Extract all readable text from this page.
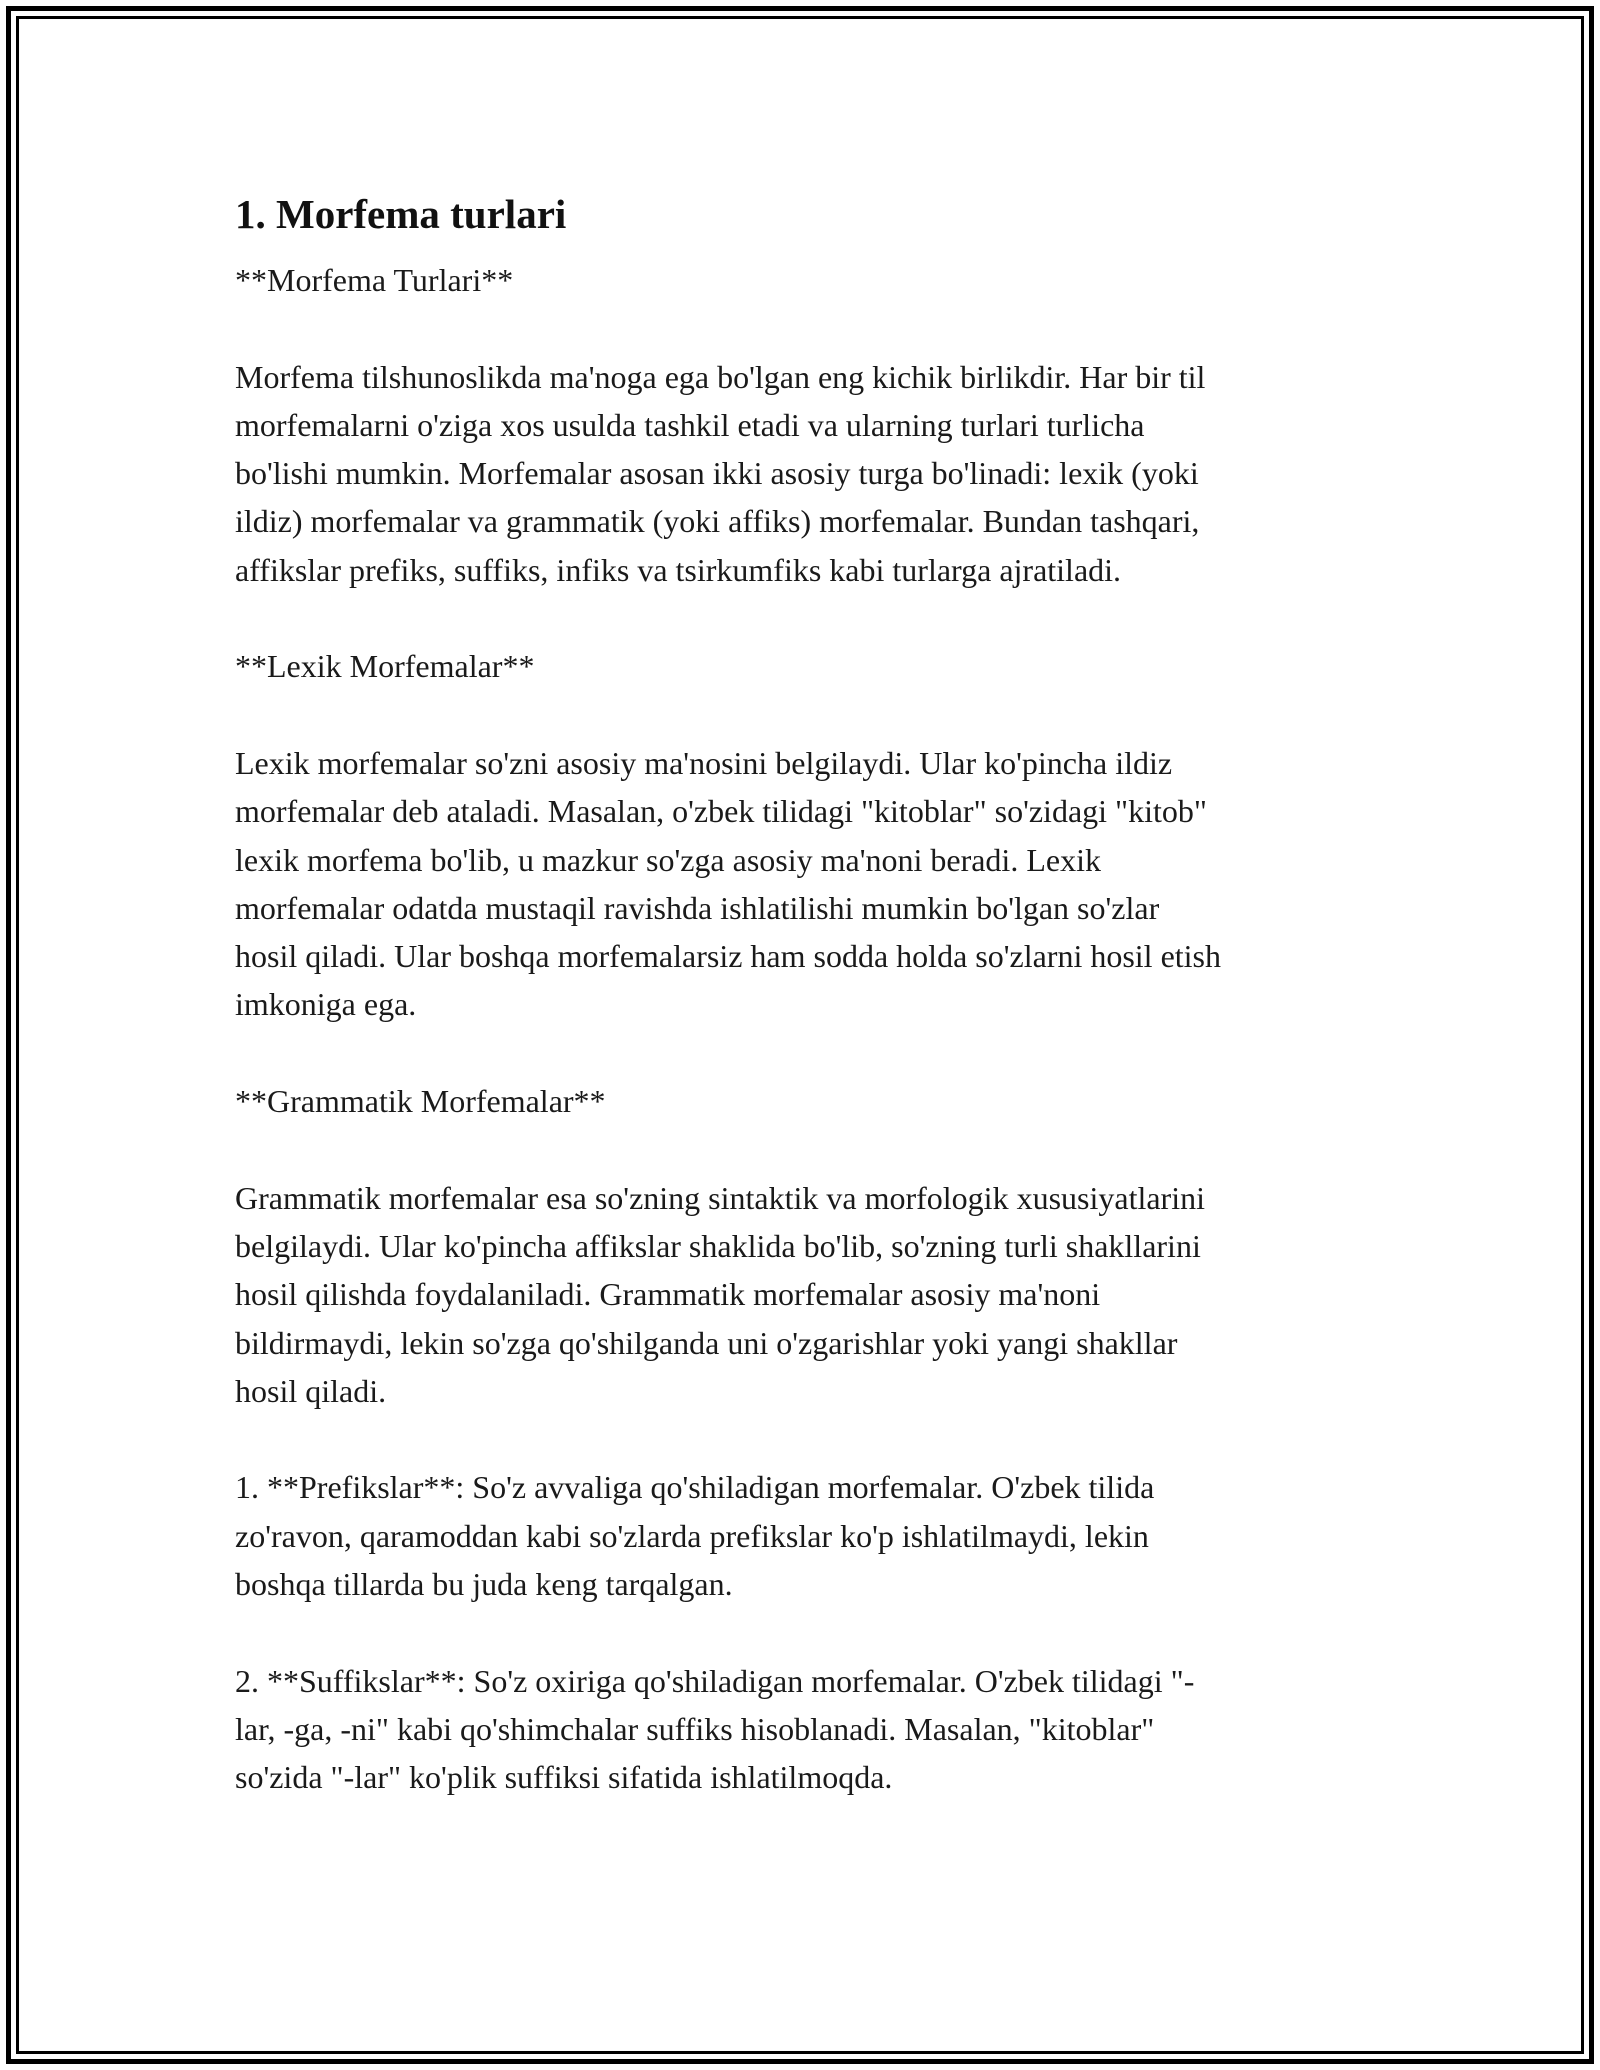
1. Morfema turlari

**Morfema Turlari**

Morfema tilshunoslikda ma'noga ega bo'lgan eng kichik birlikdir. Har bir til
morfemalarni o'ziga xos usulda tashkil etadi va ularning turlari turlicha
bo'lishi mumkin. Morfemalar asosan ikki asosiy turga bo'linadi: lexik (yoki
ildiz) morfemalar va grammatik (yoki affiks) morfemalar. Bundan tashqari,
affikslar prefiks, suffiks, infiks va tsirkumfiks kabi turlarga ajratiladi.

**Lexik Morfemalar**

Lexik morfemalar so'zni asosiy ma'nosini belgilaydi. Ular ko'pincha ildiz
morfemalar deb ataladi. Masalan, o'zbek tilidagi "kitoblar" so'zidagi "kitob"
lexik morfema bo'lib, u mazkur so'zga asosiy ma'noni beradi. Lexik
morfemalar odatda mustaqil ravishda ishlatilishi mumkin bo'lgan so'zlar
hosil qiladi. Ular boshqa morfemalarsiz ham sodda holda so'zlarni hosil etish
imkoniga ega.

**Grammatik Morfemalar**

Grammatik morfemalar esa so'zning sintaktik va morfologik xususiyatlarini
belgilaydi. Ular ko'pincha affikslar shaklida bo'lib, so'zning turli shakllarini
hosil qilishda foydalaniladi. Grammatik morfemalar asosiy ma'noni
bildirmaydi, lekin so'zga qo'shilganda uni o'zgarishlar yoki yangi shakllar
hosil qiladi.

1. **Prefikslar**: So'z avvaliga qo'shiladigan morfemalar. O'zbek tilida
zo'ravon, qaramoddan kabi so'zlarda prefikslar ko'p ishlatilmaydi, lekin
boshqa tillarda bu juda keng tarqalgan.

2. **Suffikslar**: So'z oxiriga qo'shiladigan morfemalar. O'zbek tilidagi "-
lar, -ga, -ni" kabi qo'shimchalar suffiks hisoblanadi. Masalan, "kitoblar"
so'zida "-lar" ko'plik suffiksi sifatida ishlatilmoqda.
